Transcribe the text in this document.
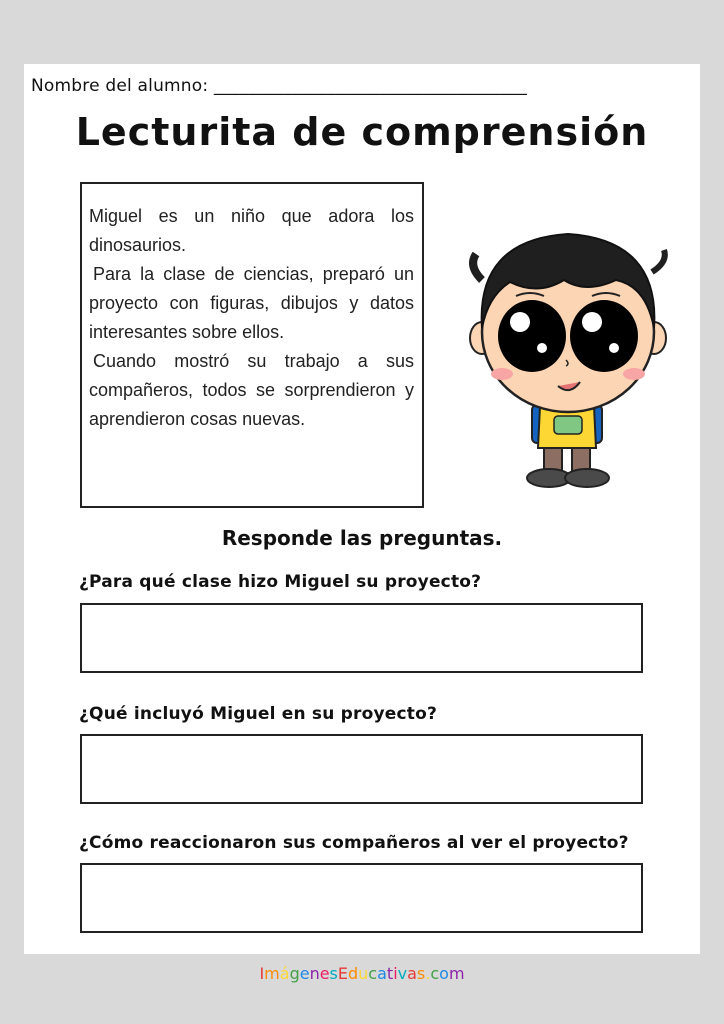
Nombre del alumno: ____________________________________
Lecturita de comprensión

Miguel es un niño que adora los dinosaurios.

Para la clase de ciencias, preparó un proyecto con figuras, dibujos y datos interesantes sobre ellos.

Cuando mostró su trabajo a sus compañeros, todos se sorprendieron y aprendieron cosas nuevas.

Responde las preguntas.
¿Para qué clase hizo Miguel su proyecto?
¿Qué incluyó Miguel en su proyecto?
¿Cómo reaccionaron sus compañeros al ver el proyecto?
ImágenesEducativas.com
